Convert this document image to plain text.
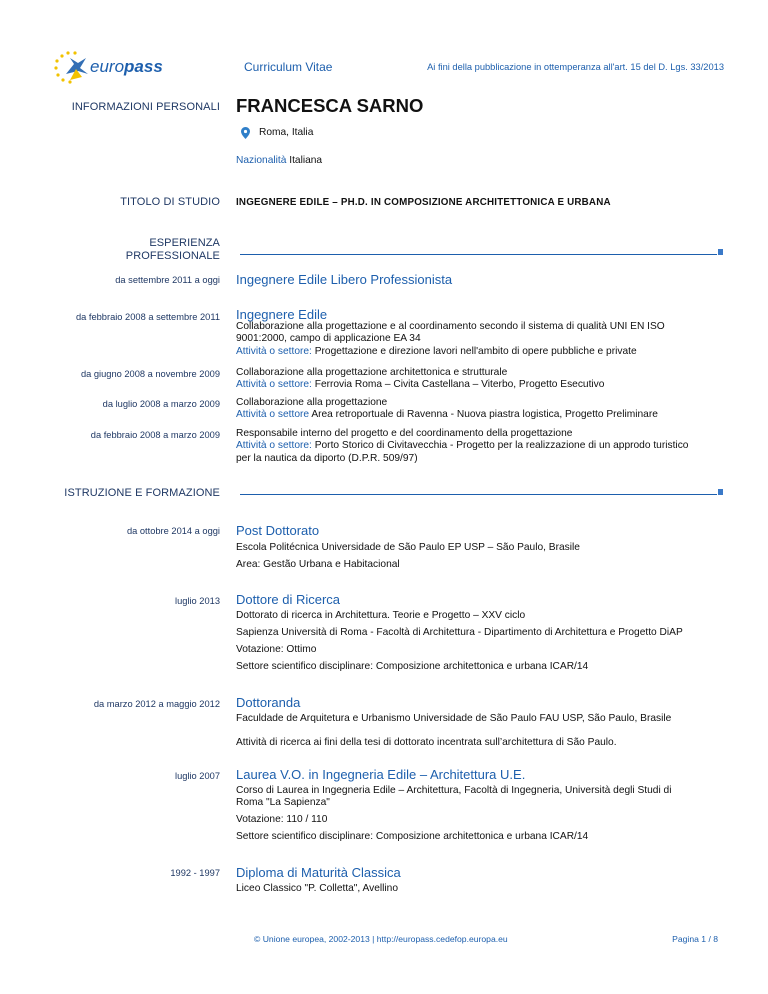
europass	Curriculum Vitae	Ai fini della pubblicazione in ottemperanza all'art. 15 del D. Lgs. 33/2013
INFORMAZIONI PERSONALI FRANCESCA SARNO
Roma, Italia
Nazionalità Italiana
TITOLO DI STUDIO INGEGNERE EDILE – PH.D. IN COMPOSIZIONE ARCHITETTONICA E URBANA
ESPERIENZA
PROFESSIONALE
da settembre 2011 a oggi Ingegnere Edile Libero Professionista
da febbraio 2008 a settembre 2011 Ingegnere Edile
Collaborazione alla progettazione e al coordinamento secondo il sistema di qualità UNI EN ISO
9001:2000, campo di applicazione EA 34
Attività o settore: Progettazione e direzione lavori nell'ambito di opere pubbliche e private
da giugno 2008 a novembre 2009 Collaborazione alla progettazione architettonica e strutturale
Attività o settore: Ferrovia Roma – Civita Castellana – Viterbo, Progetto Esecutivo
da luglio 2008 a marzo 2009 Collaborazione alla progettazione
Attività o settore Area retroportuale di Ravenna - Nuova piastra logistica, Progetto Preliminare
da febbraio 2008 a marzo 2009 Responsabile interno del progetto e del coordinamento della progettazione
Attività o settore: Porto Storico di Civitavecchia - Progetto per la realizzazione di un approdo turistico
per la nautica da diporto (D.P.R. 509/97)
ISTRUZIONE E FORMAZIONE
da ottobre 2014 a oggi Post Dottorato
Escola Politécnica Universidade de São Paulo EP USP – São Paulo, Brasile
Area: Gestão Urbana e Habitacional
luglio 2013 Dottore di Ricerca
Dottorato di ricerca in Architettura. Teorie e Progetto – XXV ciclo
Sapienza Università di Roma - Facoltà di Architettura - Dipartimento di Architettura e Progetto DiAP
Votazione: Ottimo
Settore scientifico disciplinare: Composizione architettonica e urbana ICAR/14
da marzo 2012 a maggio 2012 Dottoranda
Faculdade de Arquitetura e Urbanismo Universidade de São Paulo FAU USP, São Paulo, Brasile
Attività di ricerca ai fini della tesi di dottorato incentrata sull’architettura di São Paulo.
luglio 2007 Laurea V.O. in Ingegneria Edile – Architettura U.E.
Corso di Laurea in Ingegneria Edile – Architettura, Facoltà di Ingegneria, Università degli Studi di
Roma "La Sapienza"
Votazione: 110 / 110
Settore scientifico disciplinare: Composizione architettonica e urbana ICAR/14
1992 - 1997 Diploma di Maturità Classica
Liceo Classico "P. Colletta", Avellino
© Unione europea, 2002-2013 | http://europass.cedefop.europa.eu	Pagina 1 / 8
